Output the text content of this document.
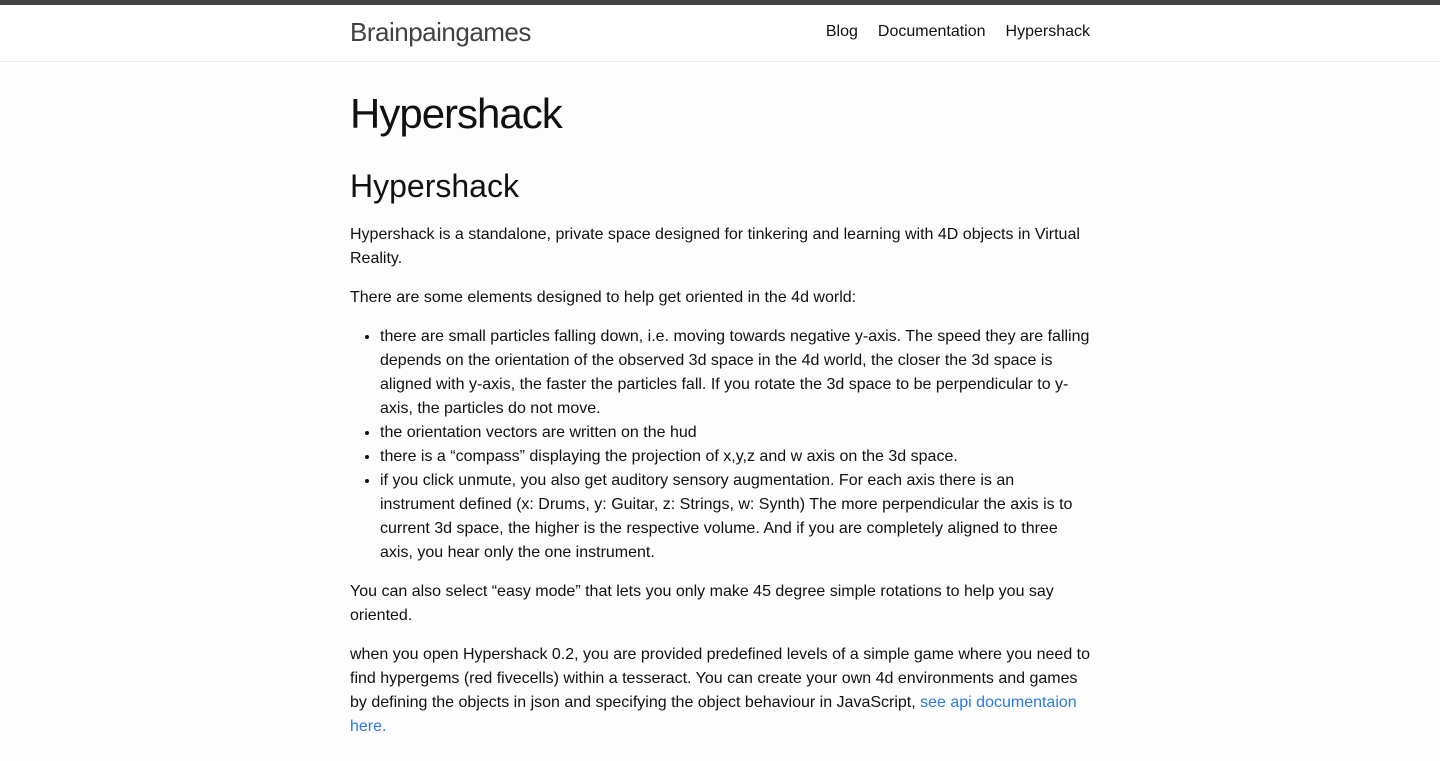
Brainpaingames	Blog Documentation Hypershack
Hypershack
Hypershack

Hypershack is a standalone, private space designed for tinkering and learning with 4D objects in Virtual Reality.

There are some elements designed to help get oriented in the 4d world:

• there are small particles falling down, i.e. moving towards negative y-axis. The speed they are falling depends on the orientation of the observed 3d space in the 4d world, the closer the 3d space is aligned with y-axis, the faster the particles fall. If you rotate the 3d space to be perpendicular to y-axis, the particles do not move.
• the orientation vectors are written on the hud
• there is a “compass” displaying the projection of x,y,z and w axis on the 3d space.
• if you click unmute, you also get auditory sensory augmentation. For each axis there is an instrument defined (x: Drums, y: Guitar, z: Strings, w: Synth) The more perpendicular the axis is to current 3d space, the higher is the respective volume. And if you are completely aligned to three axis, you hear only the one instrument.

You can also select “easy mode” that lets you only make 45 degree simple rotations to help you say oriented.

when you open Hypershack 0.2, you are provided predefined levels of a simple game where you need to find hypergems (red fivecells) within a tesseract. You can create your own 4d environments and games by defining the objects in json and specifying the object behaviour in JavaScript, see api documentaion here.
